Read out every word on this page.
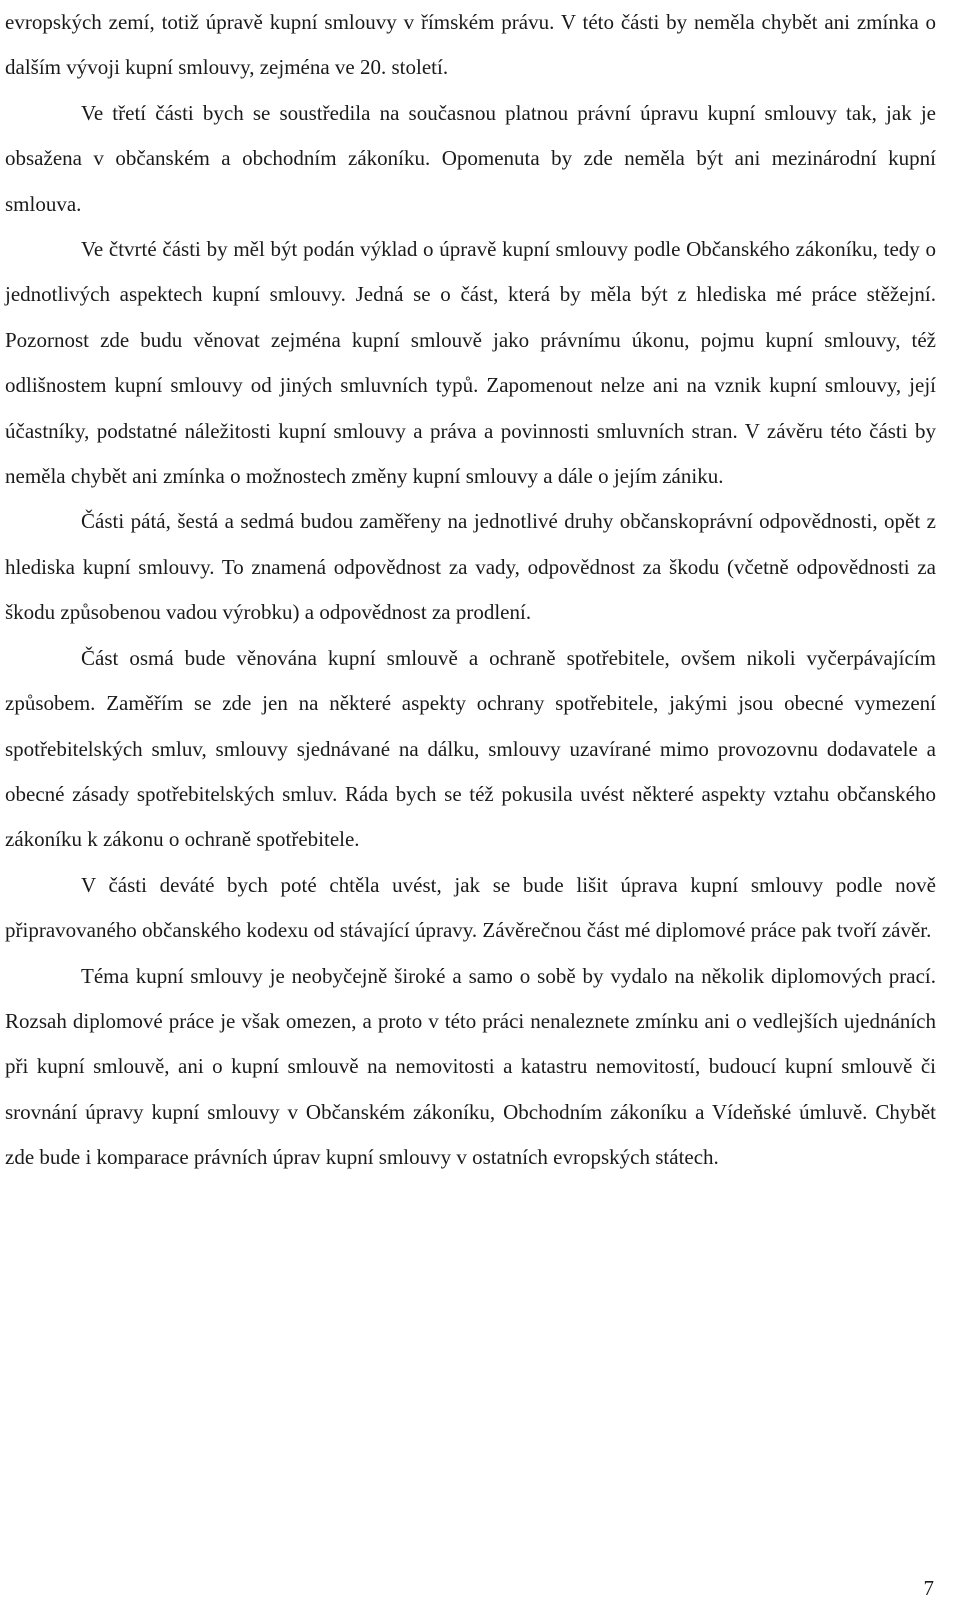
evropských zemí, totiž úpravě kupní smlouvy v římském právu. V této části by neměla chybět ani zmínka o dalším vývoji kupní smlouvy, zejména ve 20. století.

Ve třetí části bych se soustředila na současnou platnou právní úpravu kupní smlouvy tak, jak je obsažena v občanském a obchodním zákoníku. Opomenuta by zde neměla být ani mezinárodní kupní smlouva.

Ve čtvrté části by měl být podán výklad o úpravě kupní smlouvy podle Občanského zákoníku, tedy o jednotlivých aspektech kupní smlouvy. Jedná se o část, která by měla být z hlediska mé práce stěžejní. Pozornost zde budu věnovat zejména kupní smlouvě jako právnímu úkonu, pojmu kupní smlouvy, též odlišnostem kupní smlouvy od jiných smluvních typů. Zapomenout nelze ani na vznik kupní smlouvy, její účastníky, podstatné náležitosti kupní smlouvy a práva a povinnosti smluvních stran. V závěru této části by neměla chybět ani zmínka o možnostech změny kupní smlouvy a dále o jejím zániku.

Části pátá, šestá a sedmá budou zaměřeny na jednotlivé druhy občanskoprávní odpovědnosti, opět z hlediska kupní smlouvy. To znamená odpovědnost za vady, odpovědnost za škodu (včetně odpovědnosti za škodu způsobenou vadou výrobku) a odpovědnost za prodlení.

Část osmá bude věnována kupní smlouvě a ochraně spotřebitele, ovšem nikoli vyčerpávajícím způsobem. Zaměřím se zde jen na některé aspekty ochrany spotřebitele, jakými jsou obecné vymezení spotřebitelských smluv, smlouvy sjednávané na dálku, smlouvy uzavírané mimo provozovnu dodavatele a obecné zásady spotřebitelských smluv. Ráda bych se též pokusila uvést některé aspekty vztahu občanského zákoníku k zákonu o ochraně spotřebitele.

V části deváté bych poté chtěla uvést, jak se bude lišit úprava kupní smlouvy podle nově připravovaného občanského kodexu od stávající úpravy. Závěrečnou část mé diplomové práce pak tvoří závěr.

Téma kupní smlouvy je neobyčejně široké a samo o sobě by vydalo na několik diplomových prací. Rozsah diplomové práce je však omezen, a proto v této práci nenaleznete zmínku ani o vedlejších ujednáních při kupní smlouvě, ani o kupní smlouvě na nemovitosti a katastru nemovitostí, budoucí kupní smlouvě či srovnání úpravy kupní smlouvy v Občanském zákoníku, Obchodním zákoníku a Vídeňské úmluvě. Chybět zde bude i komparace právních úprav kupní smlouvy v ostatních evropských státech.

7
